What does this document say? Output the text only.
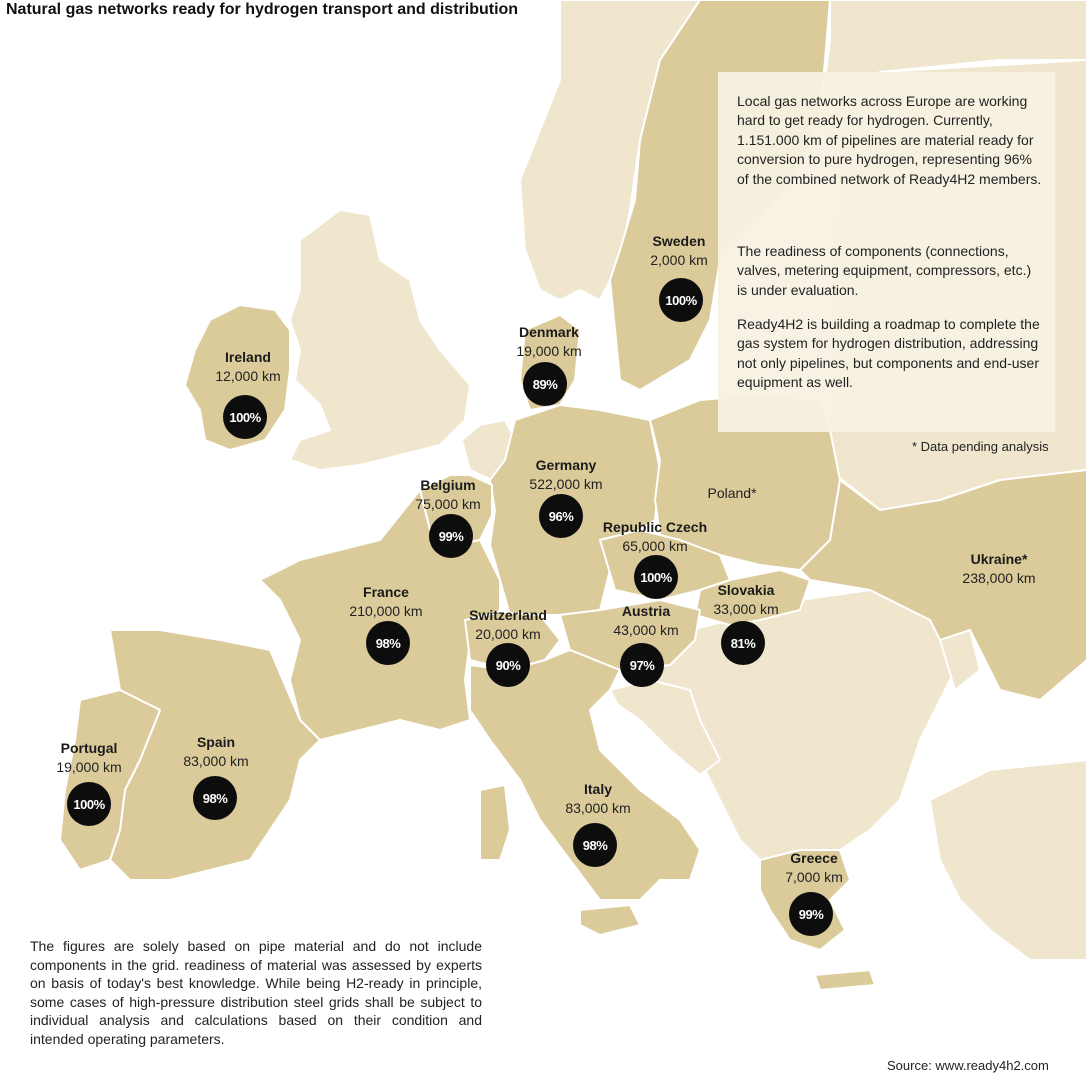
Natural gas networks ready for hydrogen transport and distribution
Local gas networks across Europe are working hard to get ready for hydrogen. Currently, 1.151.000 km of pipelines are material ready for conversion to pure hydrogen, representing 96% of the combined network of Ready4H2 members.
The readiness of components (connections, valves, metering equipment, compressors, etc.) is under evaluation.
Ready4H2 is building a roadmap to complete the gas system for hydrogen distribution, addressing not only pipelines, but components and end-user equipment as well.
* Data pending analysis
Sweden
2,000 km
100%
Denmark
19,000 km
89%
Ireland
12,000 km
100%
Germany
522,000 km
96%
Belgium
75,000 km
99%
Poland*
Republic Czech
65,000 km
100%
Ukraine*
238,000 km
Slovakia
33,000 km
81%
France
210,000 km
98%
Switzerland
20,000 km
90%
Austria
43,000 km
97%
Portugal
19,000 km
100%
Spain
83,000 km
98%
Italy
83,000 km
98%
Greece
7,000 km
99%
The figures are solely based on pipe material and do not include components in the grid. readiness of material was assessed by experts on basis of today's best knowledge. While being H2-ready in principle, some cases of high-pressure distribution steel grids shall be subject to individual analysis and calculations based on their condition and intended operating parameters.
Source: www.ready4h2.com
